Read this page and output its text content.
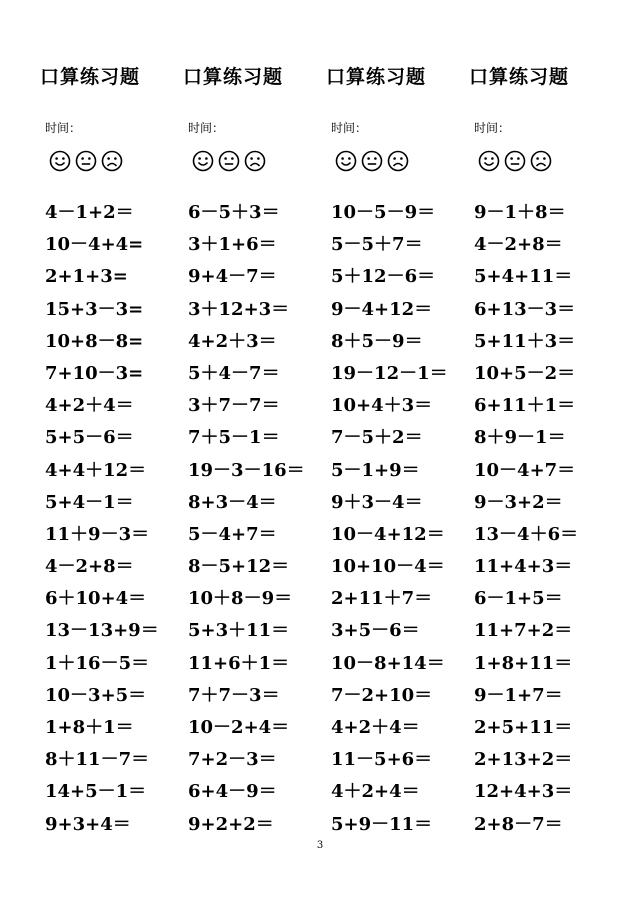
口算练习题
时间：
4－1+2＝
10－4+4=
2+1+3=
15+3－3=
10+8－8=
7+10－3=
4+2＋4＝
5+5－6＝
4+4＋12＝
5+4－1＝
11＋9－3＝
4－2+8＝
6＋10+4＝
13－13+9＝
1＋16－5＝
10－3+5＝
1+8＋1＝
8＋11－7＝
14+5－1＝
9+3+4＝
口算练习题
时间：
6－5＋3＝
3＋1+6＝
9+4－7＝
3＋12+3＝
4+2＋3＝
5＋4－7＝
3＋7－7＝
7＋5－1＝
19－3－16＝
8+3－4＝
5－4+7＝
8－5+12＝
10＋8－9＝
5+3＋11＝
11+6＋1＝
7＋7－3＝
10－2+4＝
7+2－3＝
6+4－9＝
9+2+2＝
口算练习题
时间：
10－5－9＝
5－5＋7＝
5＋12－6＝
9－4+12＝
8＋5－9＝
19－12－1＝
10+4＋3＝
7－5＋2＝
5－1+9＝
9＋3－4＝
10－4+12＝
10+10－4＝
2+11＋7＝
3+5－6＝
10－8+14＝
7－2+10＝
4+2＋4＝
11－5+6＝
4＋2+4＝
5+9－11＝
口算练习题
时间：
9－1＋8＝
4－2+8＝
5+4+11＝
6+13－3＝
5+11＋3＝
10+5－2＝
6+11＋1＝
8＋9－1＝
10－4+7＝
9－3+2＝
13－4＋6＝
11+4+3＝
6－1+5＝
11+7+2＝
1+8+11＝
9－1+7＝
2+5+11＝
2+13+2＝
12+4+3＝
2+8－7＝
3
